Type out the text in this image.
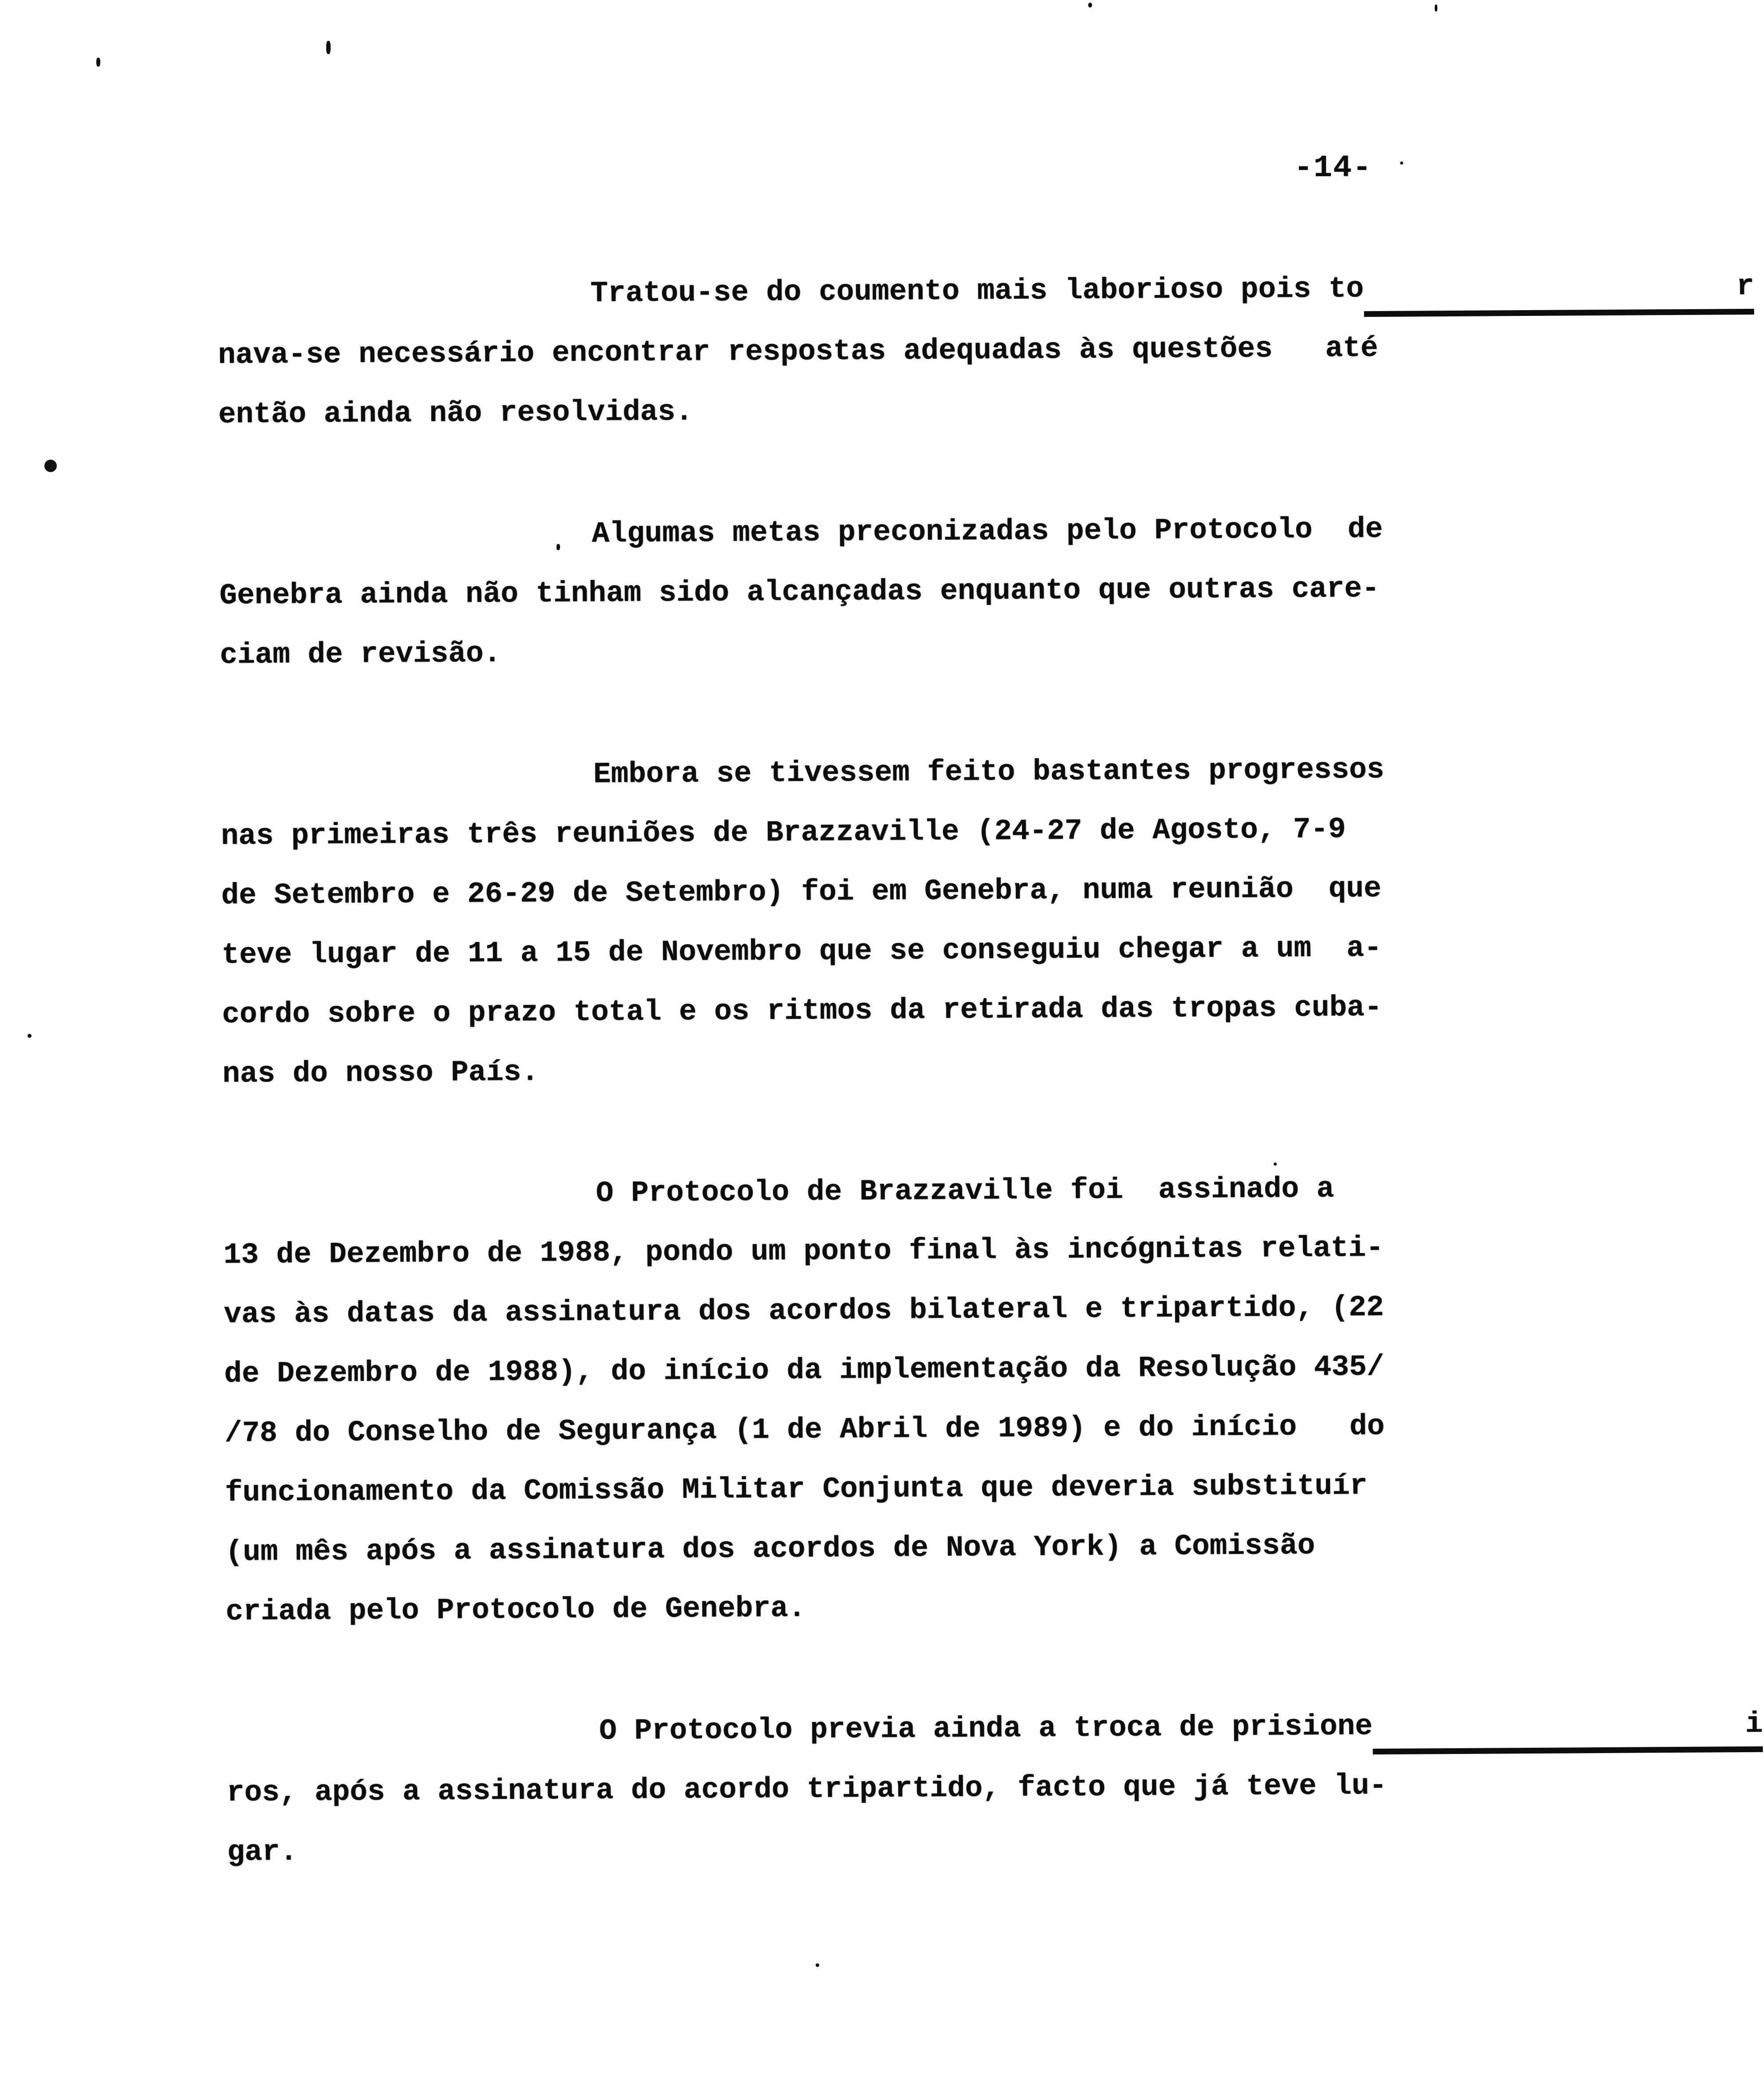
-14-
Tratou-se do coumento mais laborioso pois to	r
nava-se necessário encontrar respostas adequadas às questões   até
então ainda não resolvidas.
Algumas metas preconizadas pelo Protocolo  de
Genebra ainda não tinham sido alcançadas enquanto que outras care-
ciam de revisão.
Embora se tivessem feito bastantes progressos
nas primeiras três reuniões de Brazzaville (24-27 de Agosto, 7-9
de Setembro e 26-29 de Setembro) foi em Genebra, numa reunião  que
teve lugar de 11 a 15 de Novembro que se conseguiu chegar a um  a-
cordo sobre o prazo total e os ritmos da retirada das tropas cuba-
nas do nosso País.
O Protocolo de Brazzaville foi  assinado a
13 de Dezembro de 1988, pondo um ponto final às incógnitas relati-
vas às datas da assinatura dos acordos bilateral e tripartido, (22
de Dezembro de 1988), do início da implementação da Resolução 435/
/78 do Conselho de Segurança (1 de Abril de 1989) e do início   do
funcionamento da Comissão Militar Conjunta que deveria substituír
(um mês após a assinatura dos acordos de Nova York) a Comissão
criada pelo Protocolo de Genebra.
O Protocolo previa ainda a troca de prisione	i
ros, após a assinatura do acordo tripartido, facto que já teve lu-
gar.
